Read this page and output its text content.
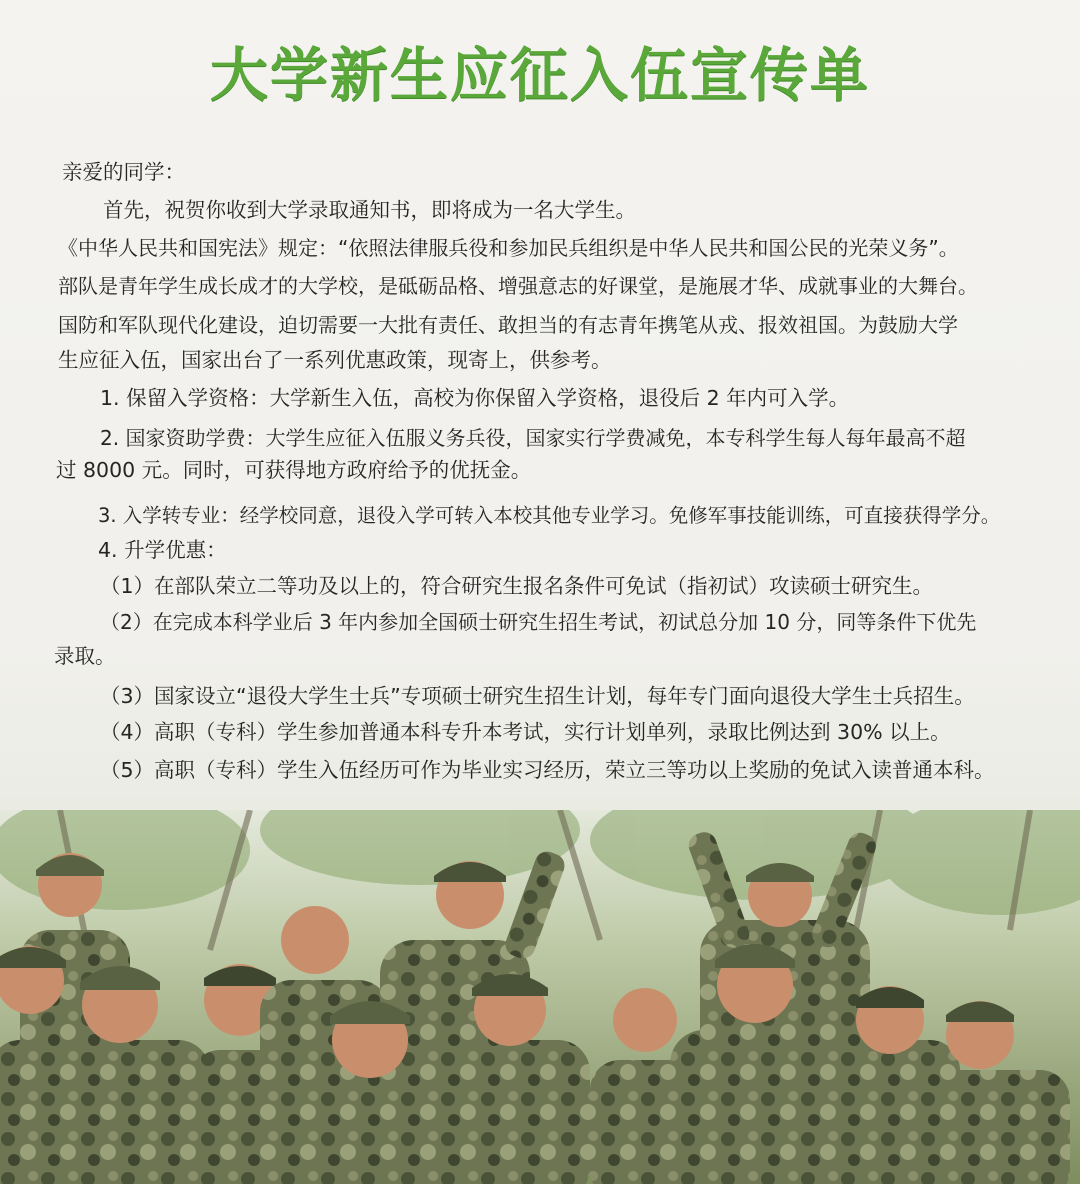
大学新生应征入伍宣传单
亲爱的同学：
首先，祝贺你收到大学录取通知书，即将成为一名大学生。
《中华人民共和国宪法》规定：“依照法律服兵役和参加民兵组织是中华人民共和国公民的光荣义务”。
部队是青年学生成长成才的大学校，是砥砺品格、增强意志的好课堂，是施展才华、成就事业的大舞台。
国防和军队现代化建设，迫切需要一大批有责任、敢担当的有志青年携笔从戎、报效祖国。为鼓励大学
生应征入伍，国家出台了一系列优惠政策，现寄上，供参考。
1. 保留入学资格：大学新生入伍，高校为你保留入学资格，退役后 2 年内可入学。
2. 国家资助学费：大学生应征入伍服义务兵役，国家实行学费减免，本专科学生每人每年最高不超
过 8000 元。同时，可获得地方政府给予的优抚金。
3. 入学转专业：经学校同意，退役入学可转入本校其他专业学习。免修军事技能训练，可直接获得学分。
4. 升学优惠：
（1）在部队荣立二等功及以上的，符合研究生报名条件可免试（指初试）攻读硕士研究生。
（2）在完成本科学业后 3 年内参加全国硕士研究生招生考试，初试总分加 10 分，同等条件下优先
录取。
（3）国家设立“退役大学生士兵”专项硕士研究生招生计划，每年专门面向退役大学生士兵招生。
（4）高职（专科）学生参加普通本科专升本考试，实行计划单列，录取比例达到 30% 以上。
（5）高职（专科）学生入伍经历可作为毕业实习经历，荣立三等功以上奖励的免试入读普通本科。
